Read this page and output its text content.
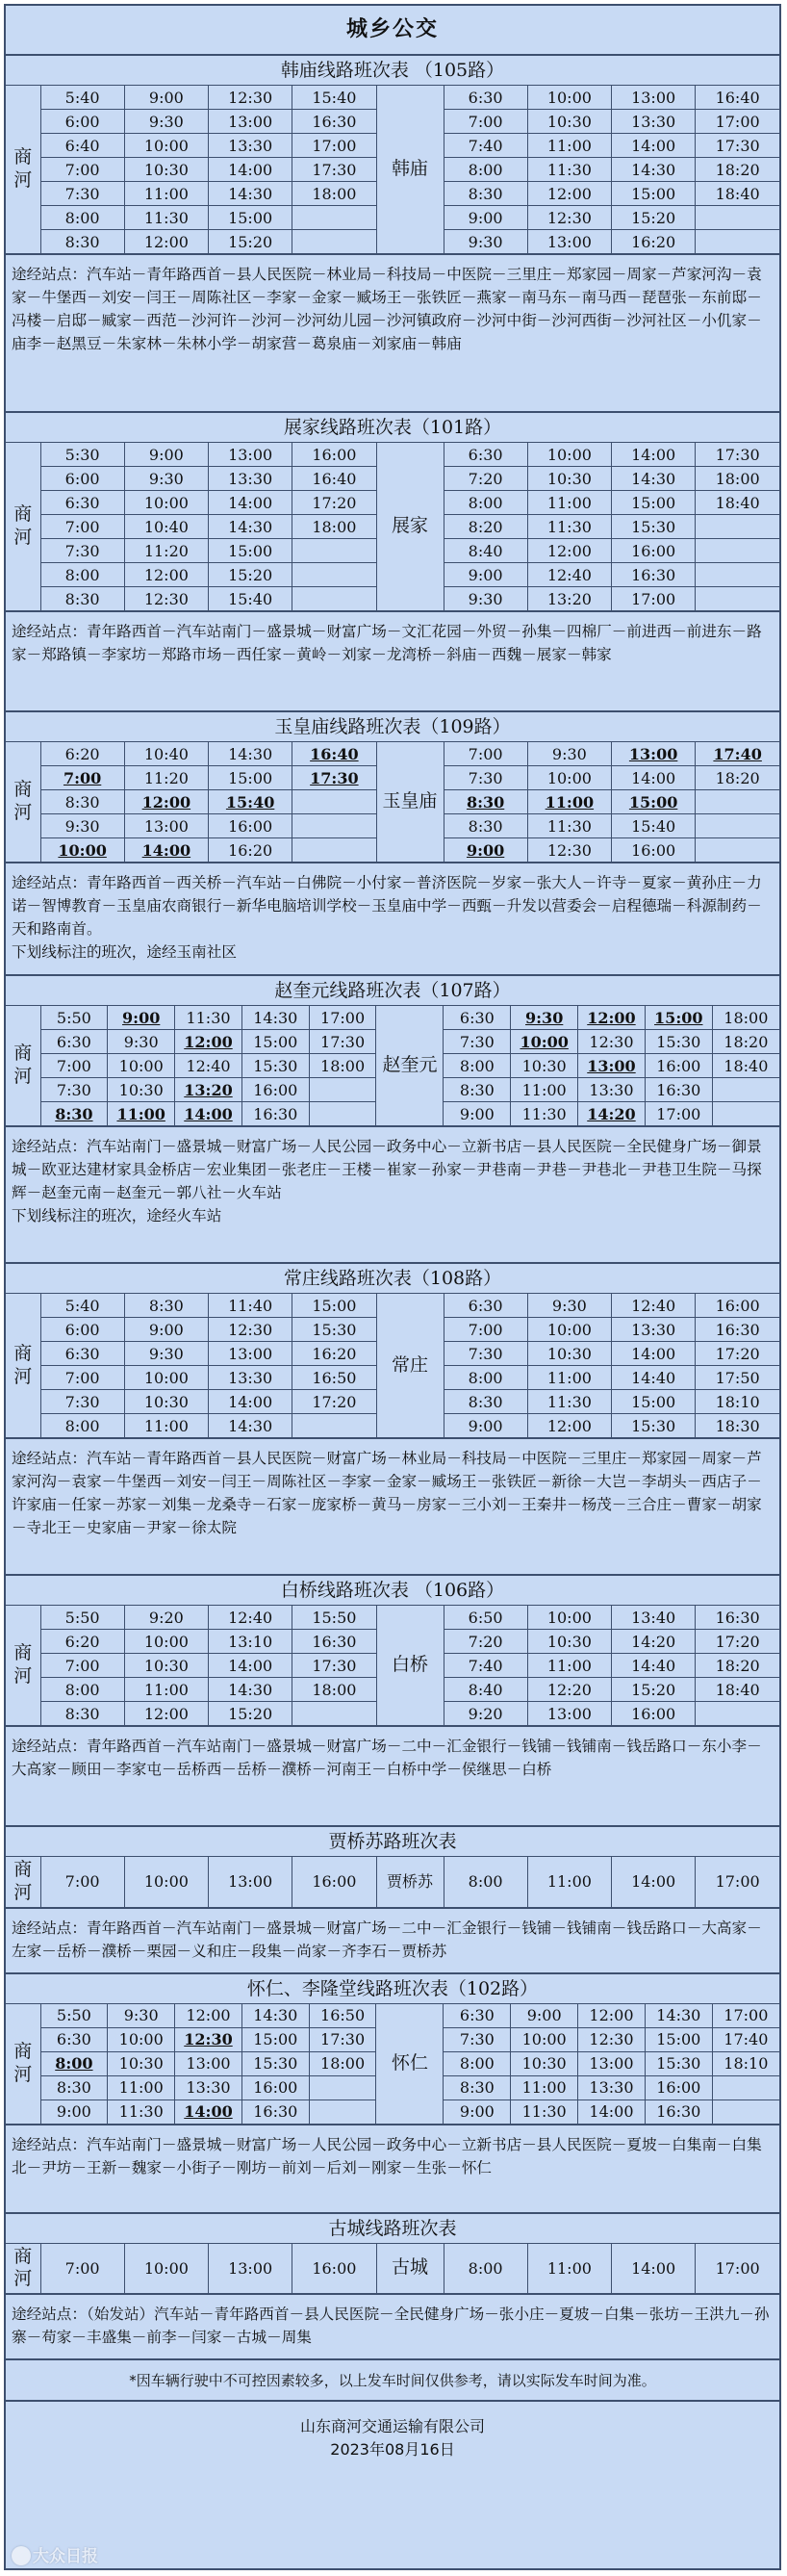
城乡公交
韩庙线路班次表 （105路）
商河	5:40	9:00	12:30	15:40	韩庙	6:30	10:00	13:00	16:40
	6:00	9:30	13:00	16:30		7:00	10:30	13:30	17:00
	6:40	10:00	13:30	17:00		7:40	11:00	14:00	17:30
	7:00	10:30	14:00	17:30		8:00	11:30	14:30	18:20
	7:30	11:00	14:30	18:00		8:30	12:00	15:00	18:40
	8:00	11:30	15:00			9:00	12:30	15:20	
	8:30	12:00	15:20			9:30	13:00	16:20	
途经站点：汽车站－青年路西首－县人民医院－林业局－科技局－中医院－三里庄－郑家园－周家－芦家河沟－袁家－牛堡西－刘安－闫王－周陈社区－李家－金家－臧场王－张铁匠－燕家－南马东－南马西－琵琶张－东前邸－冯楼－启邸－臧家－西范－沙河许－沙河－沙河幼儿园－沙河镇政府－沙河中街－沙河西街－沙河社区－小仉家－庙李－赵黑豆－朱家林－朱林小学－胡家营－葛泉庙－刘家庙－韩庙
展家线路班次表（101路）
商河	5:30	9:00	13:00	16:00	展家	6:30	10:00	14:00	17:30
	6:00	9:30	13:30	16:40		7:20	10:30	14:30	18:00
	6:30	10:00	14:00	17:20		8:00	11:00	15:00	18:40
	7:00	10:40	14:30	18:00		8:20	11:30	15:30	
	7:30	11:20	15:00			8:40	12:00	16:00	
	8:00	12:00	15:20			9:00	12:40	16:30	
	8:30	12:30	15:40			9:30	13:20	17:00	
途经站点：青年路西首－汽车站南门－盛景城－财富广场－文汇花园－外贸－孙集－四棉厂－前进西－前进东－路家－郑路镇－李家坊－郑路市场－西任家－黄岭－刘家－龙湾桥－斜庙－西魏－展家－韩家
玉皇庙线路班次表（109路）
商河	6:20	10:40	14:30	16:40	玉皇庙	7:00	9:30	13:00	17:40
	7:00	11:20	15:00	17:30		7:30	10:00	14:00	18:20
	8:30	12:00	15:40			8:30	11:00	15:00	
	9:30	13:00	16:00			8:30	11:30	15:40	
	10:00	14:00	16:20			9:00	12:30	16:00	
途经站点：青年路西首－西关桥－汽车站－白佛院－小付家－普济医院－岁家－张大人－许寺－夏家－黄孙庄－力诺－智博教育－玉皇庙农商银行－新华电脑培训学校－玉皇庙中学－西甄－升发以营委会－启程德瑞－科源制药－天和路南首。
下划线标注的班次，途经玉南社区
赵奎元线路班次表（107路）
商河	5:50	9:00	11:30	14:30	17:00	赵奎元	6:30	9:30	12:00	15:00	18:00
	6:30	9:30	12:00	15:00	17:30		7:30	10:00	12:30	15:30	18:20
	7:00	10:00	12:40	15:30	18:00		8:00	10:30	13:00	16:00	18:40
	7:30	10:30	13:20	16:00			8:30	11:00	13:30	16:30	
	8:30	11:00	14:00	16:30			9:00	11:30	14:20	17:00	
途经站点：汽车站南门－盛景城－财富广场－人民公园－政务中心－立新书店－县人民医院－全民健身广场－御景城－欧亚达建材家具金桥店－宏业集团－张老庄－王楼－崔家－孙家－尹巷南－尹巷－尹巷北－尹巷卫生院－马探辉－赵奎元南－赵奎元－郭八社－火车站
下划线标注的班次，途经火车站
常庄线路班次表（108路）
商河	5:40	8:30	11:40	15:00	常庄	6:30	9:30	12:40	16:00
	6:00	9:00	12:30	15:30		7:00	10:00	13:30	16:30
	6:30	9:30	13:00	16:20		7:30	10:30	14:00	17:20
	7:00	10:00	13:30	16:50		8:00	11:00	14:40	17:50
	7:30	10:30	14:00	17:20		8:30	11:30	15:00	18:10
	8:00	11:00	14:30			9:00	12:00	15:30	18:30
途经站点：汽车站－青年路西首－县人民医院－财富广场－林业局－科技局－中医院－三里庄－郑家园－周家－芦家河沟－袁家－牛堡西－刘安－闫王－周陈社区－李家－金家－臧场王－张铁匠－新徐－大岂－李胡头－西店子－许家庙－任家－苏家－刘集－龙桑寺－石家－庞家桥－黄马－房家－三小刘－王秦井－杨茂－三合庄－曹家－胡家－寺北王－史家庙－尹家－徐太院
白桥线路班次表 （106路）
商河	5:50	9:20	12:40	15:50	白桥	6:50	10:00	13:40	16:30
	6:20	10:00	13:10	16:30		7:20	10:30	14:20	17:20
	7:00	10:30	14:00	17:30		7:40	11:00	14:40	18:20
	8:00	11:00	14:30	18:00		8:40	12:20	15:20	18:40
	8:30	12:00	15:20			9:20	13:00	16:00	
途经站点：青年路西首－汽车站南门－盛景城－财富广场－二中－汇金银行－钱铺－钱铺南－钱岳路口－东小李－大高家－顾田－李家屯－岳桥西－岳桥－濮桥－河南王－白桥中学－侯继思－白桥
贾桥苏路班次表
商河	7:00	10:00	13:00	16:00	贾桥苏	8:00	11:00	14:00	17:00
途经站点：青年路西首－汽车站南门－盛景城－财富广场－二中－汇金银行－钱铺－钱铺南－钱岳路口－大高家－左家－岳桥－濮桥－栗园－义和庄－段集－尚家－齐李石－贾桥苏
怀仁、李隆堂线路班次表（102路）
商河	5:50	9:30	12:00	14:30	16:50	怀仁	6:30	9:00	12:00	14:30	17:00
	6:30	10:00	12:30	15:00	17:30		7:30	10:00	12:30	15:00	17:40
	8:00	10:30	13:00	15:30	18:00		8:00	10:30	13:00	15:30	18:10
	8:30	11:00	13:30	16:00			8:30	11:00	13:30	16:00	
	9:00	11:30	14:00	16:30			9:00	11:30	14:00	16:30	
途经站点：汽车站南门－盛景城－财富广场－人民公园－政务中心－立新书店－县人民医院－夏坡－白集南－白集北－尹坊－王新－魏家－小街子－刚坊－前刘－后刘－刚家－生张－怀仁
古城线路班次表
商河	7:00	10:00	13:00	16:00	古城	8:00	11:00	14:00	17:00
途经站点：（始发站）汽车站－青年路西首－县人民医院－全民健身广场－张小庄－夏坡－白集－张坊－王洪九－孙寨－苟家－丰盛集－前李－闫家－古城－周集
*因车辆行驶中不可控因素较多，以上发车时间仅供参考，请以实际发车时间为准。
山东商河交通运输有限公司
2023年08月16日
大众日报
